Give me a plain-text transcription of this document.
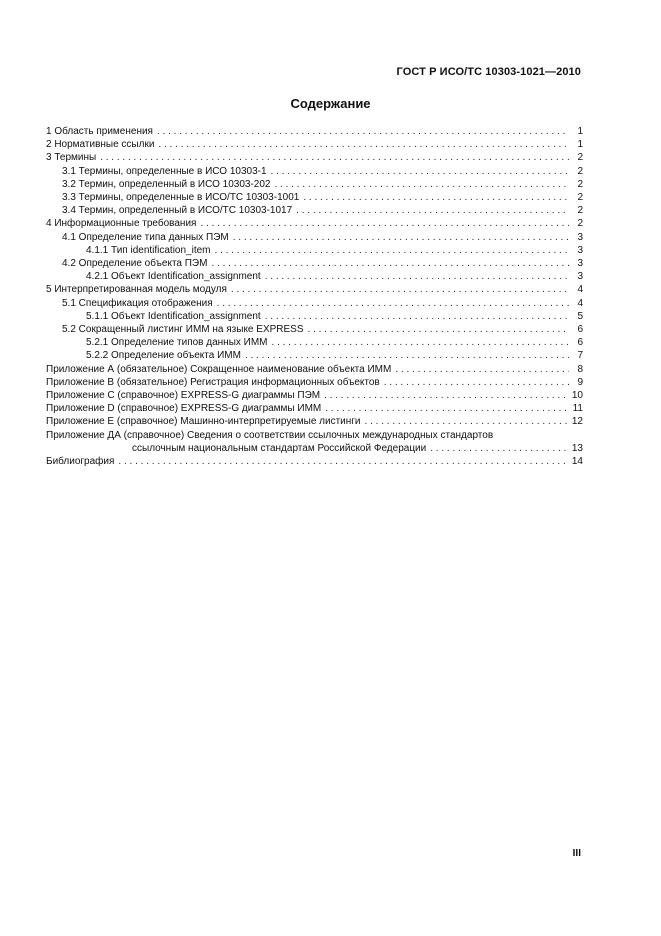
ГОСТ Р ИСО/ТС 10303-1021—2010
Содержание
1 Область применения . . .	1
2 Нормативные ссылки . . .	1
3 Термины . . .	2
3.1 Термины, определенные в ИСО 10303-1 . . .	2
3.2 Термин, определенный в ИСО 10303-202 . . .	2
3.3 Термины, определенные в ИСО/ТС 10303-1001 . . .	2
3.4 Термин, определенный в ИСО/ТС 10303-1017 . . .	2
4 Информационные требования . . .	2
4.1 Определение типа данных ПЭМ . . .	3
4.1.1 Тип identification_item . . .	3
4.2 Определение объекта ПЭМ . . .	3
4.2.1 Объект Identification_assignment . . .	3
5 Интерпретированная модель модуля . . .	4
5.1 Спецификация отображения . . .	4
5.1.1 Объект Identification_assignment . . .	5
5.2 Сокращенный листинг ИММ на языке EXPRESS . . .	6
5.2.1 Определение типов данных ИММ . . .	6
5.2.2 Определение объекта ИММ . . .	7
Приложение А (обязательное) Сокращенное наименование объекта ИММ . . .	8
Приложение В (обязательное) Регистрация информационных объектов . . .	9
Приложение С (справочное) EXPRESS-G диаграммы ПЭМ . . .	10
Приложение D (справочное) EXPRESS-G диаграммы ИММ . . .	11
Приложение E (справочное) Машинно-интерпретируемые листинги . . .	12
Приложение ДА (справочное) Сведения о соответствии ссылочных международных стандартов
ссылочным национальным стандартам Российской Федерации . . .	13
Библиография . . .	14
III
